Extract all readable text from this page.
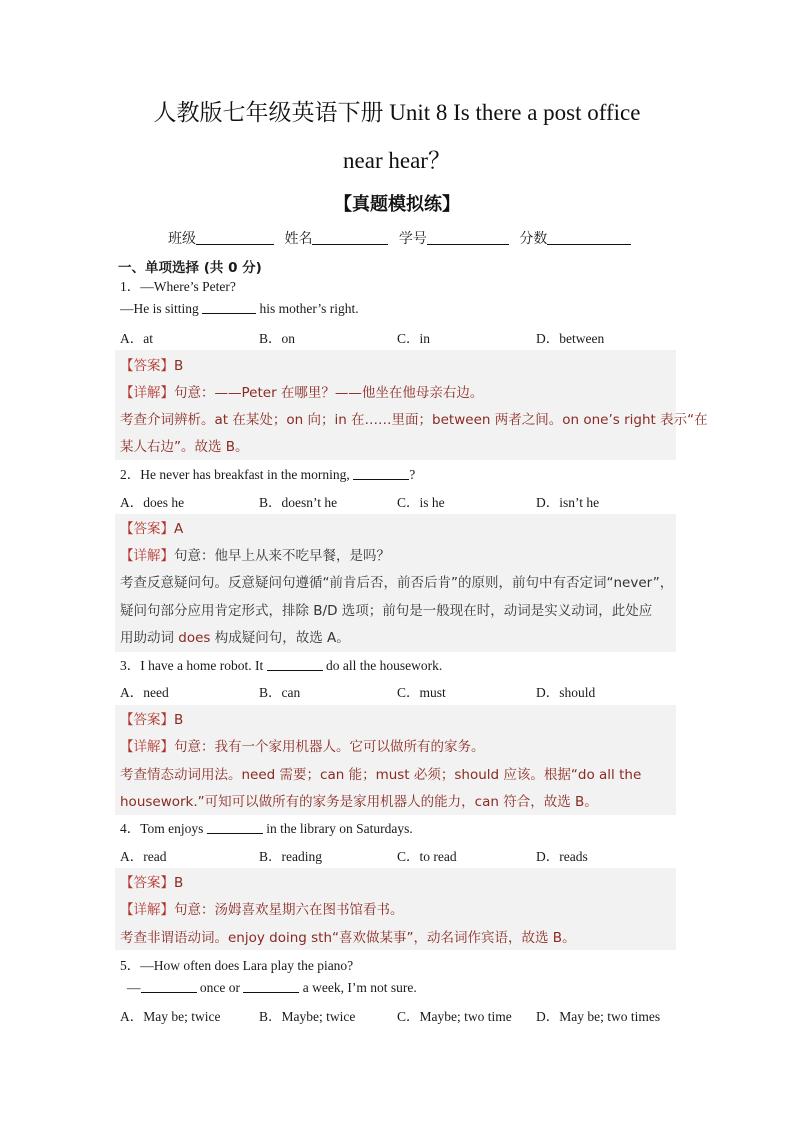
人教版七年级英语下册 Unit 8 Is there a post office
near hear？
【真题模拟练】
班级	姓名	学号	分数
一、单项选择 (共 0 分)
1．—Where’s Peter?
—He is sitting	his mother’s right.
A．at	B．on	C．in	D．between
【答案】B
【详解】句意：——Peter 在哪里？——他坐在他母亲右边。
考查介词辨析。at 在某处；on 向；in 在……里面；between 两者之间。on one’s right 表示“在
某人右边”。故选 B。
2．He never has breakfast in the morning,	?
A．does he	B．doesn’t he	C．is he	D．isn’t he
【答案】A
【详解】句意：他早上从来不吃早餐，是吗？
考查反意疑问句。反意疑问句遵循“前肯后否，前否后肯”的原则，前句中有否定词“never”，
疑问句部分应用肯定形式，排除 B/D 选项；前句是一般现在时，动词是实义动词，此处应
用助动词 does 构成疑问句，故选 A。
3．I have a home robot. It	do all the housework.
A．need	B．can	C．must	D．should
【答案】B
【详解】句意：我有一个家用机器人。它可以做所有的家务。
考查情态动词用法。need 需要；can 能；must 必须；should 应该。根据“do all the
housework.”可知可以做所有的家务是家用机器人的能力，can 符合，故选 B。
4．Tom enjoys	in the library on Saturdays.
A．read	B．reading	C．to read	D．reads
【答案】B
【详解】句意：汤姆喜欢星期六在图书馆看书。
考查非谓语动词。enjoy doing sth“喜欢做某事”，动名词作宾语，故选 B。
5．—How often does Lara play the piano?
—	once or	a week, I’m not sure.
A．May be; twice	B．Maybe; twice	C．Maybe; two time D．May be; two times
